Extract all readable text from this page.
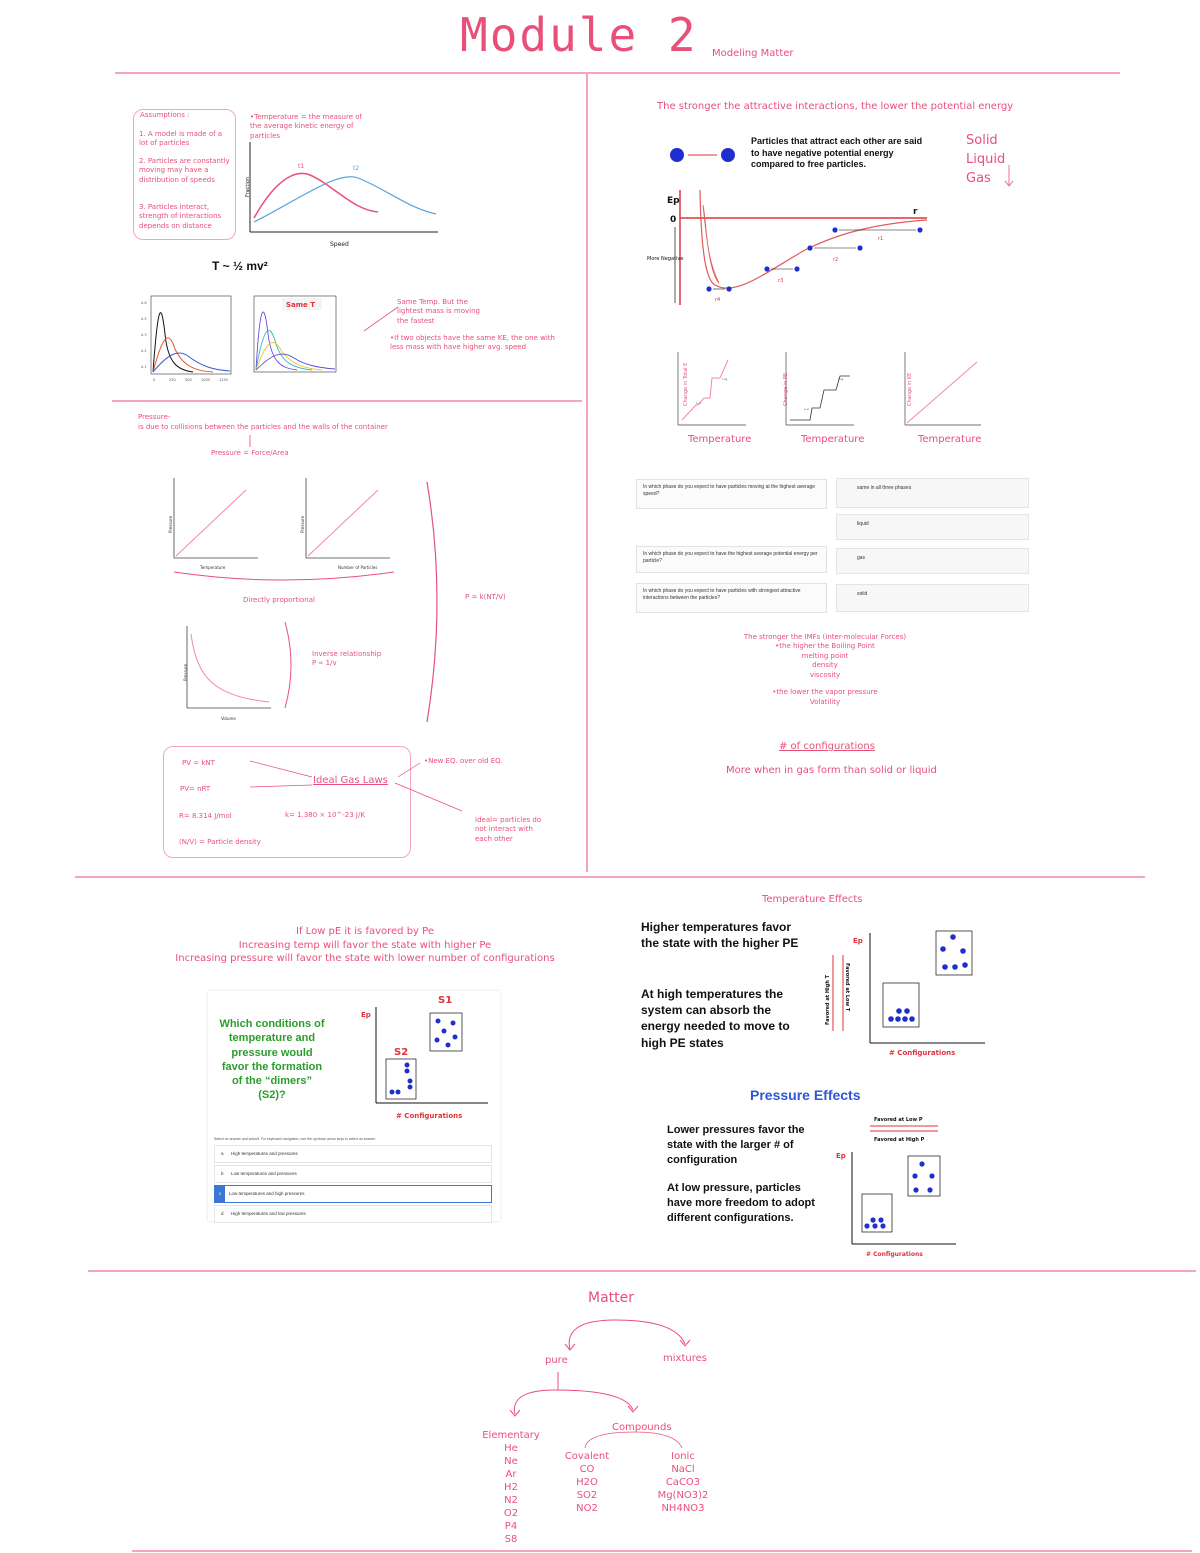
Module 2 Modeling Matter
Assumptions :
1. A model is made of a lot of particles
2. Particles are constantly moving may have a distribution of speeds
3. Particles interact, strength of interactions depends on distance
•Temperature = the measure of the average kinetic energy of particles
Fraction
t1	t2
Speed
T ~ ½ mv²
0.6
0.5
0.3
0.2
0.1
0	250	500	1000	1250
Same T	Same Temp. But the lightest mass is moving the fastest
•If two objects have the same KE, the one with less mass with have higher avg. speed
Pressure-
is due to collisions between the particles and the walls of the container
Pressure = Force/Area
Pressure
Temperature
Pressure
Number of Particles
Directly proportional	P = k(NT/V)
Pressure
Volume
Inverse relationship
P ∝ 1/v
PV = kNT
PV= nRT
Ideal Gas Laws
R= 8.314 J/mol	k= 1.380 × 10^-23 J/K
(N/V) = Particle density
•New EQ. over old EQ.
Ideal= particles do not interact with each other
The stronger the attractive interactions, the lower the potential energy
Particles that attract each other are said to have negative potential energy compared to free particles.
Solid
Liquid
Gas
Ep
0
r
More Negative
r4
r3
r2
r1
s→l
l→g
Change in Total E
Temperature
s→l
l→g
Change in PE
Temperature
Change in KE
Temperature
In which phase do you expect to have particles moving at the highest average speed?
In which phase do you expect to have the highest average potential energy per particle?
In which phase do you expect to have particles with strongest attractive interactions between the particles?
same in all three phases
liquid
gas
solid
The stronger the IMFs (Inter-molecular Forces)
•the higher the Boiling Point
melting point
density
viscosity
•the lower the vapor pressure
Volatility
# of configurations
More when in gas form than solid or liquid
If Low pE it is favored by Pe
Increasing temp will favor the state with higher Pe
Increasing pressure will favor the state with lower number of configurations
Which conditions of temperature and pressure would favor the formation of the “dimers” (S2)?
Ep
S1
S2
# Configurations
Select an answer and submit. For keyboard navigation, use the up/down arrow keys to select an answer.
a High temperatures and pressures
b Low temperatures and pressures
c Low temperatures and high pressures
d High temperatures and low pressures
Temperature Effects
Higher temperatures favor the state with the higher PE
At high temperatures the system can absorb the energy needed to move to high PE states
Ep
Favored at High T	Favored at Low T
# Configurations
Pressure Effects
Lower pressures favor the state with the larger # of configuration
At low pressure, particles have more freedom to adopt different configurations.
Favored at Low P
Favored at High P
Ep
# Configurations
Matter
pure	mixtures
Compounds
Elementary
He
Ne
Ar
H2
N2
O2
P4
S8
Covalent
CO
H2O
SO2
NO2
Ionic
NaCl
CaCO3
Mg(NO3)2
NH4NO3
